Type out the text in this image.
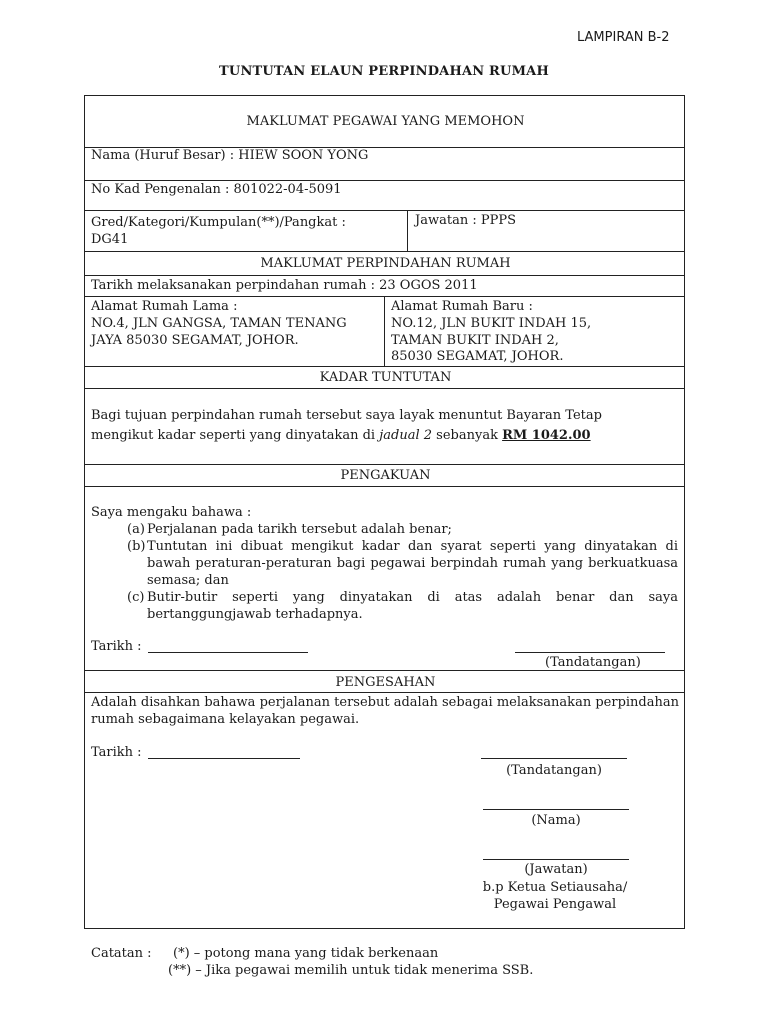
LAMPIRAN B-2
TUNTUTAN ELAUN PERPINDAHAN RUMAH
MAKLUMAT PEGAWAI YANG MEMOHON
Nama (Huruf Besar) : HIEW SOON YONG
No Kad Pengenalan : 801022-04-5091
Gred/Kategori/Kumpulan(**)/Pangkat :
DG41
Jawatan : PPPS
MAKLUMAT PERPINDAHAN RUMAH
Tarikh melaksanakan perpindahan rumah : 23 OGOS 2011
Alamat Rumah Lama :
NO.4, JLN GANGSA, TAMAN TENANG
JAYA 85030 SEGAMAT, JOHOR.
Alamat Rumah Baru :
NO.12, JLN BUKIT INDAH 15,
TAMAN BUKIT INDAH 2,
85030 SEGAMAT, JOHOR.
KADAR TUNTUTAN
Bagi tujuan perpindahan rumah tersebut saya layak menuntut Bayaran Tetap
mengikut kadar seperti yang dinyatakan di jadual 2 sebanyak RM 1042.00
PENGAKUAN
Saya mengaku bahawa :
(a) Perjalanan pada tarikh tersebut adalah benar;
(b) Tuntutan ini dibuat mengikut kadar dan syarat seperti yang dinyatakan di bawah peraturan-peraturan bagi pegawai berpindah rumah yang berkuatkuasa semasa; dan
(c) Butir-butir seperti yang dinyatakan di atas adalah benar dan saya bertanggungjawab terhadapnya.
Tarikh :
(Tandatangan)
PENGESAHAN
Adalah disahkan bahawa perjalanan tersebut adalah sebagai melaksanakan perpindahan rumah sebagaimana kelayakan pegawai.
Tarikh :
(Tandatangan)
(Nama)
(Jawatan)
b.p Ketua Setiausaha/
Pegawai Pengawal
Catatan : (*) – potong mana yang tidak berkenaan
(**) – Jika pegawai memilih untuk tidak menerima SSB.
